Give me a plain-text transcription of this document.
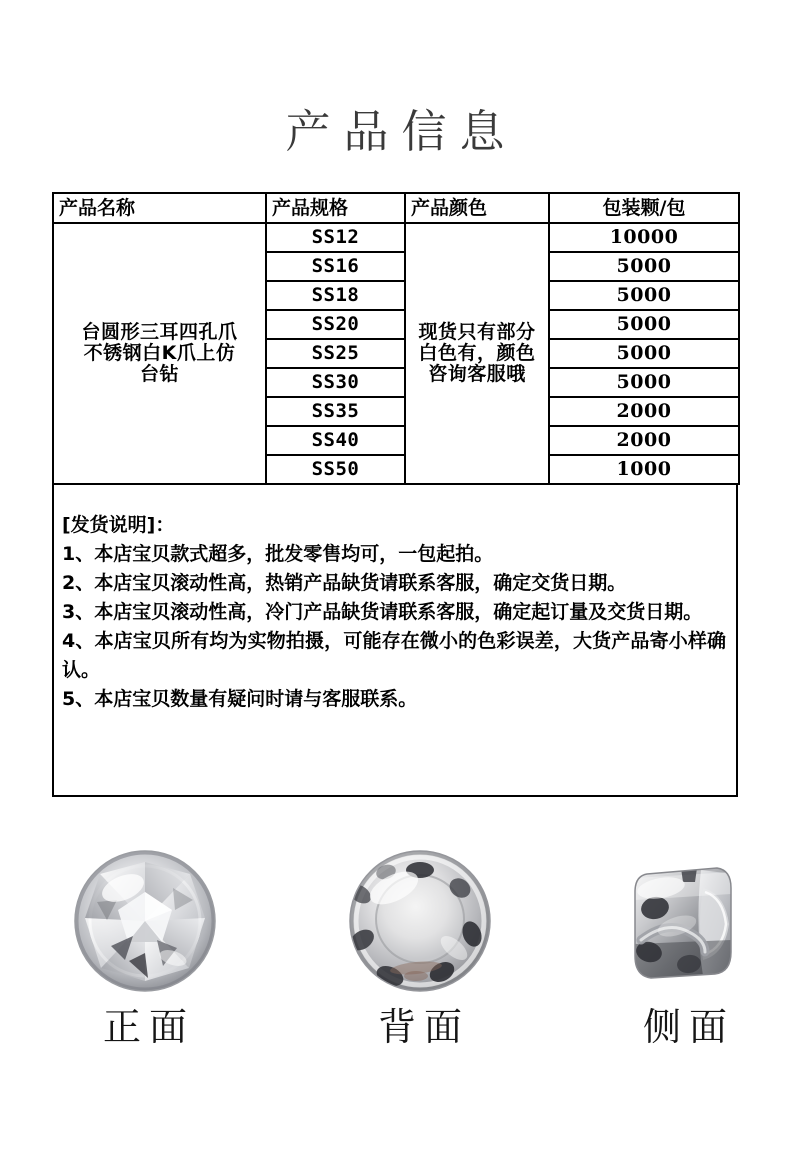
产品信息
产品名称	产品规格	产品颜色	包装颗/包
台圆形三耳四孔爪
不锈钢白K爪上仿
台钻	SS12	现货只有部分白色有，颜色咨询客服哦	10000
	SS16		5000
	SS18		5000
	SS20		5000
	SS25		5000
	SS30		5000
	SS35		2000
	SS40		2000
	SS50		1000
[发货说明]：
1、本店宝贝款式超多，批发零售均可，一包起拍。
2、本店宝贝滚动性高，热销产品缺货请联系客服，确定交货日期。
3、本店宝贝滚动性高，冷门产品缺货请联系客服，确定起订量及交货日期。
4、本店宝贝所有均为实物拍摄，可能存在微小的色彩误差，大货产品寄小样确认。
5、本店宝贝数量有疑问时请与客服联系。
正面	背面	侧面
